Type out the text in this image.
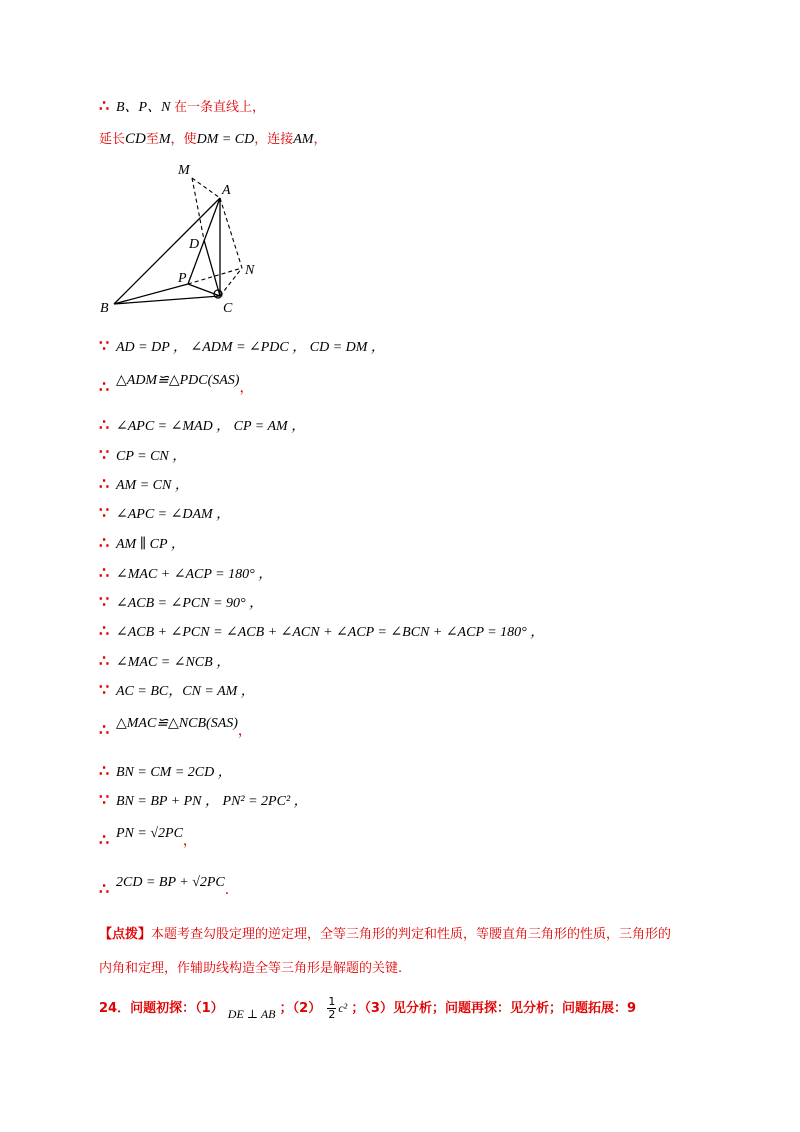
∴ B、P、N 在一条直线上，
延长CD至M，使DM = CD，连接AM，
M
A
D
P
N
B	C
∵ AD = DP ， ∠ADM = ∠PDC ， CD = DM ，
∴ △ADM≌△PDC(SAS)，
∴ ∠APC = ∠MAD ， CP = AM ，
∵ CP = CN ，
∴ AM = CN ，
∵ ∠APC = ∠DAM ，
∴ AM ∥ CP ，
∴ ∠MAC + ∠ACP = 180° ，
∵ ∠ACB = ∠PCN = 90° ，
∴ ∠ACB + ∠PCN = ∠ACB + ∠ACN + ∠ACP = ∠BCN + ∠ACP = 180° ，
∴ ∠MAC = ∠NCB ，
∵ AC = BC，CN = AM ，
∴ △MAC≌△NCB(SAS)，
∴ BN = CM = 2CD ，
∵ BN = BP + PN ， PN² = 2PC² ，
∴ PN = √2PC，
∴ 2CD = BP + √2PC．
【点拨】本题考查勾股定理的逆定理，全等三角形的判定和性质，等腰直角三角形的性质，三角形的
内角和定理，作辅助线构造全等三角形是解题的关键.
24．问题初探：（1） DE ⊥ AB ；$(2) \frac{1}{2} c^2$ ；（3）见分析；问题再探：见分析；问题拓展：9
